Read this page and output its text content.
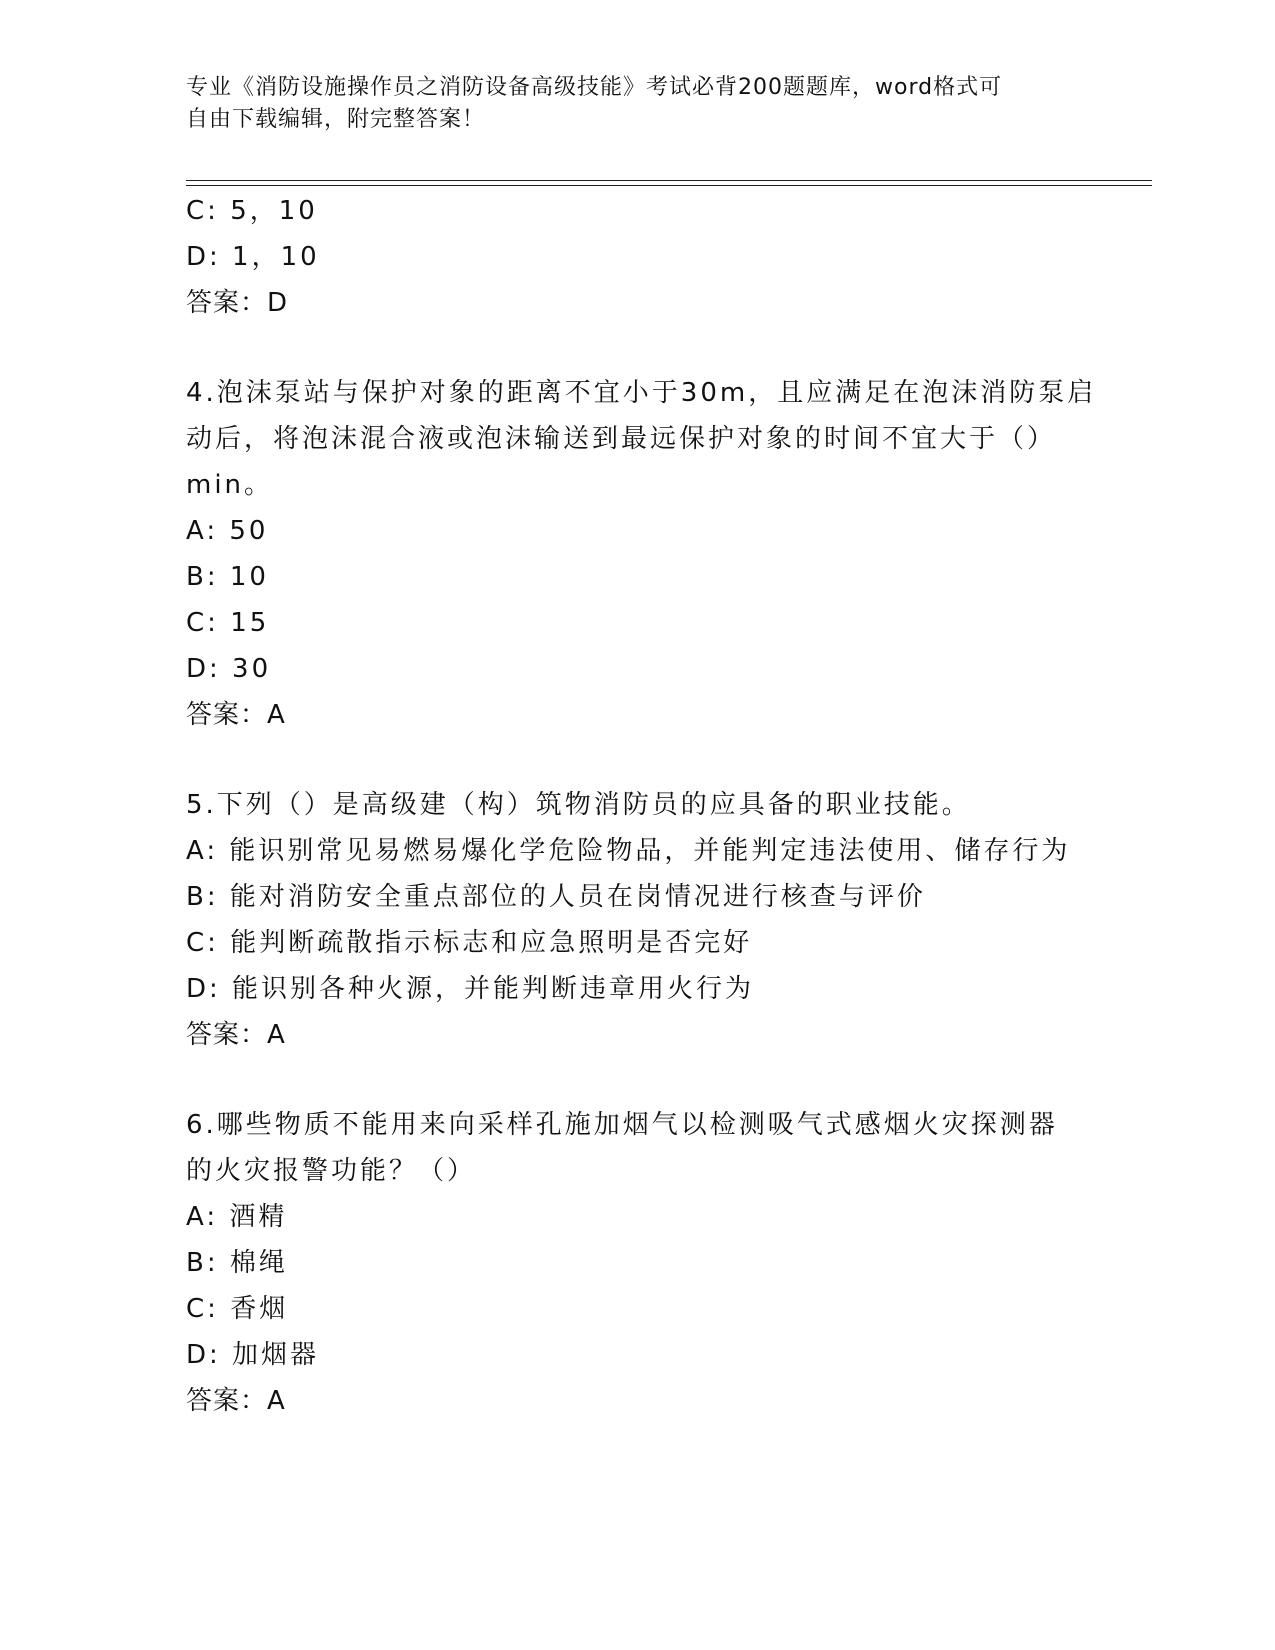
专业《消防设施操作员之消防设备高级技能》考试必背200题题库，word格式可
自由下载编辑，附完整答案！
C: 5，10
D: 1，10
答案：D
4.泡沫泵站与保护对象的距离不宜小于30m，且应满足在泡沫消防泵启
动后，将泡沫混合液或泡沫输送到最远保护对象的时间不宜大于（）
min。
A: 50
B: 10
C: 15
D: 30
答案：A
5.下列（）是高级建（构）筑物消防员的应具备的职业技能。
A: 能识别常见易燃易爆化学危险物品，并能判定违法使用、储存行为
B: 能对消防安全重点部位的人员在岗情况进行核查与评价
C: 能判断疏散指示标志和应急照明是否完好
D: 能识别各种火源，并能判断违章用火行为
答案：A
6.哪些物质不能用来向采样孔施加烟气以检测吸气式感烟火灾探测器
的火灾报警功能？（）
A: 酒精
B: 棉绳
C: 香烟
D: 加烟器
答案：A
